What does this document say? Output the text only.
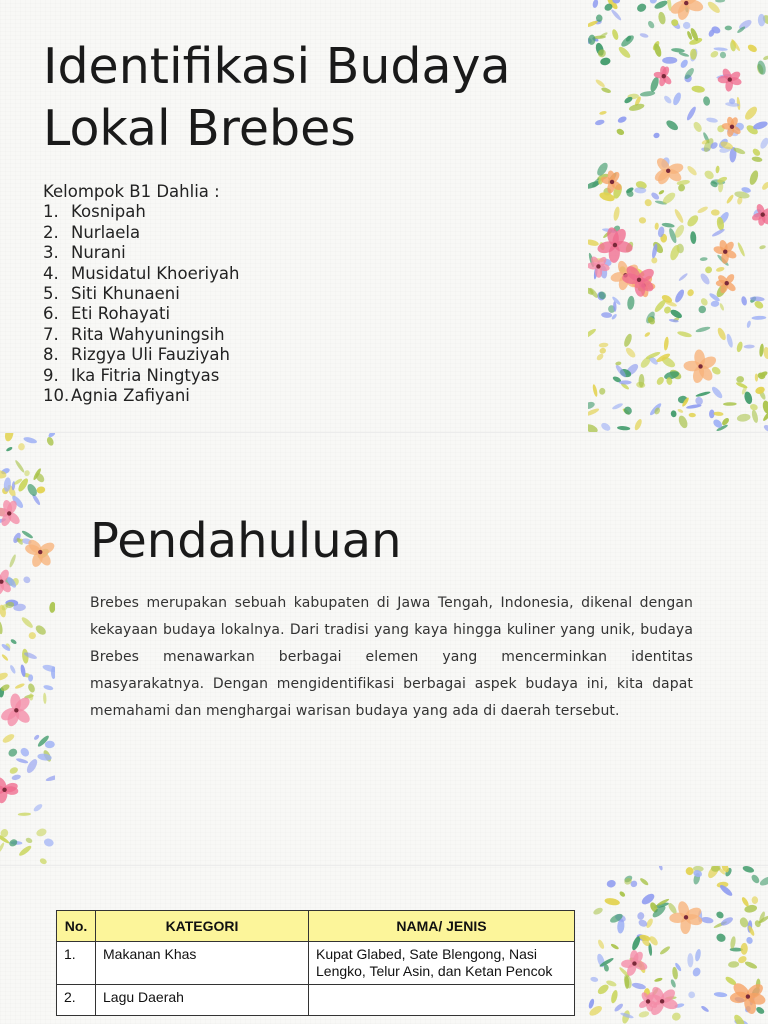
Identifikasi Budaya Lokal Brebes
Kelompok B1 Dahlia :
1. Kosnipah
2. Nurlaela
3. Nurani
4. Musidatul Khoeriyah
5. Siti Khunaeni
6. Eti Rohayati
7. Rita Wahyuningsih
8. Rizgya Uli Fauziyah
9. Ika Fitria Ningtyas
10. Agnia Zafiyani
Pendahuluan

Brebes merupakan sebuah kabupaten di Jawa Tengah, Indonesia, dikenal dengan kekayaan budaya lokalnya. Dari tradisi yang kaya hingga kuliner yang unik, budaya Brebes menawarkan berbagai elemen yang mencerminkan identitas masyarakatnya. Dengan mengidentifikasi berbagai aspek budaya ini, kita dapat memahami dan menghargai warisan budaya yang ada di daerah tersebut.

No.	KATEGORI	NAMA/ JENIS
1.	Makanan Khas	Kupat Glabed, Sate Blengong, Nasi Lengko, Telur Asin, dan Ketan Pencok
2.	Lagu Daerah	
